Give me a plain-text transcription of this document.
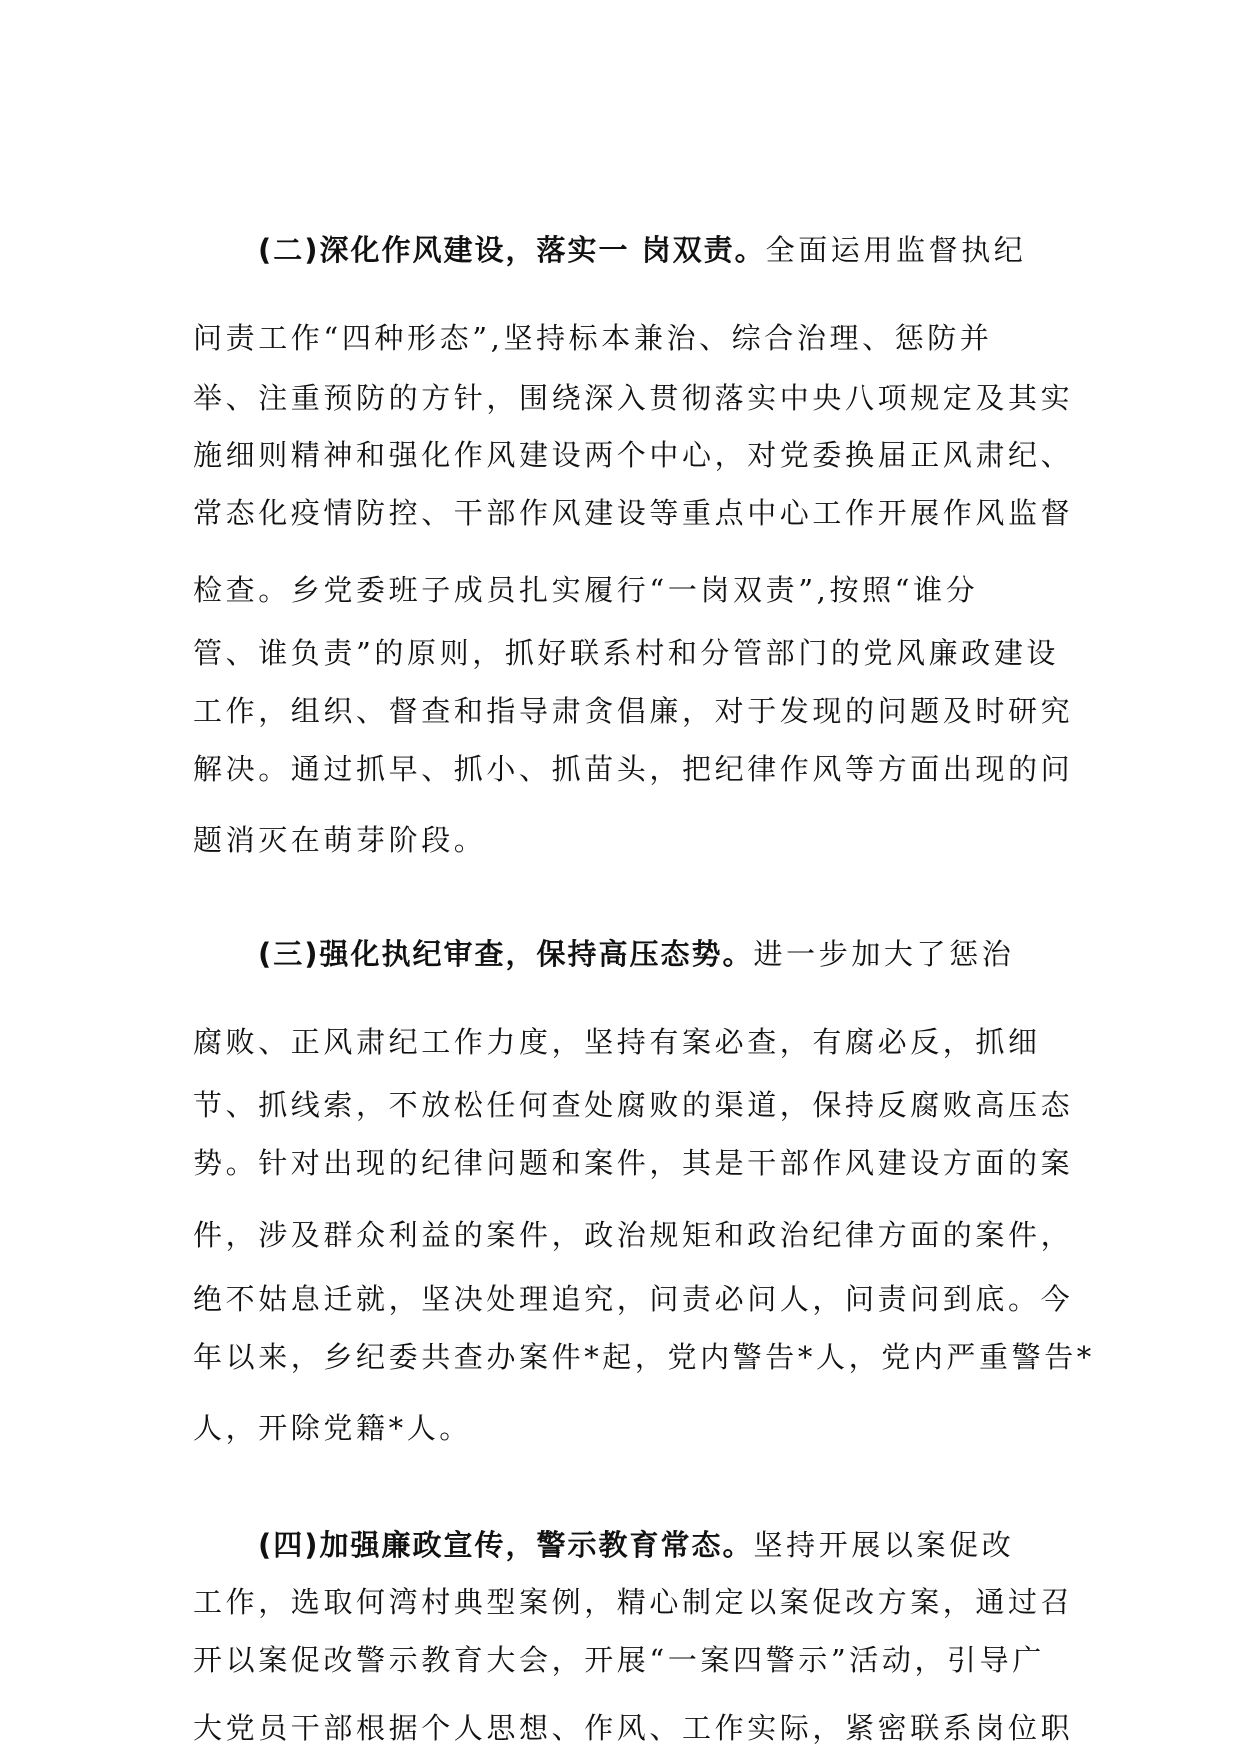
(二)深化作风建设，落实一 岗双责。全面运用监督执纪
问责工作“四种形态”,坚持标本兼治、综合治理、惩防并
举、注重预防的方针，围绕深入贯彻落实中央八项规定及其实
施细则精神和强化作风建设两个中心，对党委换届正风肃纪、
常态化疫情防控、干部作风建设等重点中心工作开展作风监督
检查。乡党委班子成员扎实履行“一岗双责”,按照“谁分
管、谁负责”的原则，抓好联系村和分管部门的党风廉政建设
工作，组织、督查和指导肃贪倡廉，对于发现的问题及时研究
解决。通过抓早、抓小、抓苗头，把纪律作风等方面出现的问
题消灭在萌芽阶段。
(三)强化执纪审查，保持高压态势。进一步加大了惩治
腐败、正风肃纪工作力度，坚持有案必查，有腐必反，抓细
节、抓线索，不放松任何查处腐败的渠道，保持反腐败高压态
势。针对出现的纪律问题和案件，其是干部作风建设方面的案
件，涉及群众利益的案件，政治规矩和政治纪律方面的案件，
绝不姑息迁就，坚决处理追究，问责必问人，问责问到底。今
年以来，乡纪委共查办案件*起，党内警告*人，党内严重警告*
人，开除党籍*人。
(四)加强廉政宣传，警示教育常态。坚持开展以案促改
工作，选取何湾村典型案例，精心制定以案促改方案，通过召
开以案促改警示教育大会，开展“一案四警示”活动，引导广
大党员干部根据个人思想、作风、工作实际，紧密联系岗位职
